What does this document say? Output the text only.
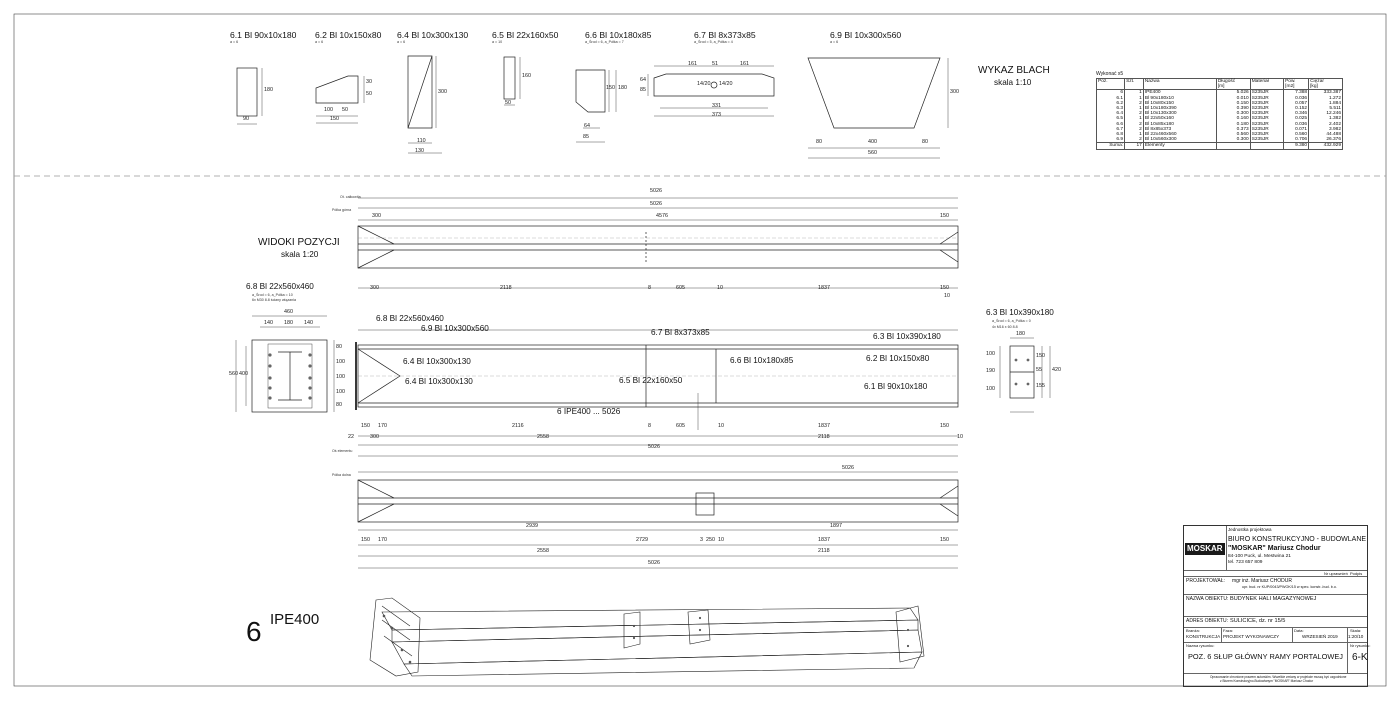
6.1 Bl 90x10x180
a = 6
180
90
6.2 Bl 10x150x80
a = 6
100 50
150
30
50
6.4 Bl 10x300x130
a = 6
300
110
130
6.5 Bl 22x160x50
a = 10
160
50
6.6 Bl 10x180x85
a_Środ = 6, a_Półka = 7
180
150
64
85
6.7 Bl 8x373x85
a_Środ = 5, a_Półka = 4
161	51	161
14/20 14/20
331
373
64
85
6.9 Bl 10x300x560
a = 6
300
80	400	80
560
WYKAZ BLACH
skala 1:10
Wykonać x5
Poz.	Szt.	Nazwa	Długość
[m]	Materiał	Pow.
[m2]	Ciężar
[kg]
6	1	IPE400	5.026	S235JR	7.388	333.387
6.1	1	Bl 90x180x10	0.010	S235JR	0.036	1.272
6.2	2	Bl 10x80x150	0.150	S235JR	0.057	1.884
6.3	1	Bl 10x180x390	0.390	S235JR	0.152	5.511
6.4	2	Bl 10x130x300	0.300	S235JR	0.346	12.246
6.5	1	Bl 22x50x160	0.160	S235JR	0.025	1.382
6.6	2	Bl 10x85x180	0.180	S235JR	0.036	2.402
6.7	2	Bl 8x85x373	0.373	S235JR	0.071	3.982
6.8	1	Bl 22x460x560	0.560	S235JR	0.560	44.488
6.9	2	Bl 10x560x300	0.300	S235JR	0.706	26.376
Suma:	17	Elementy			9.380	432.929
WIDOKI POZYCJI
skala 1:20
Ot. całkowita
Półka górna
5026
5026
300	4576	150
300	2118	8	605	10	1837	150
10
6.8 Bl 22x560x460
6.9 Bl 10x300x560	6.7 Bl 8x373x85	6.3 Bl 10x390x180
6.4 Bl 10x300x130	6.6 Bl 10x180x85	6.2 Bl 10x150x80
6.4 Bl 10x300x130	6.5 Bl 22x160x50
6.1 Bl 90x10x180
6 IPE400 ... 5026
150 170	2116	8	605	10	1837	150
22	300	2558	2118	10
5026
Oś elementu
Półka dolna
5026
2939
2729
1897
150 170	3 250 10	1837	150
2558	2118
5026
6.8 Bl 22x560x460
a_Środ = 6, a_Półka = 10
6x M30 8.8 ściany wiązania
460
140 180 140
560 400
80
100
100
100
80
6.3 Bl 10x390x180
a_Środ = 6, a_Półka = 0
4x M16 x 60 8.8
180
100
190
100
150
55
155
420
6 IPE400
Jednostka projektowa
BIURO KONSTRUKCYJNO - BUDOWLANE
"MOSKAR" Mariusz Chodur
84-100 Puck, ul. Mestwina 21
tel. 723 657 809
MOSKAR
Nr uprawnień Podpis
PROJEKTOWAŁ: mgr inż. Mariusz CHODUR
upr. bud. nr KUP/0043/PWOK/15 w spec. konstr.-bud. b.o.
NAZWA OBIEKTU: BUDYNEK HALI MAGAZYNOWEJ
ADRES OBIEKTU: SULICICE, dz. nr 15/5
Branża:
KONSTRUKCJA
Faza:
PROJEKT WYKONAWCZY
Data:
WRZESIEŃ 2019
Skala:
1:20/10
Nazwa rysunku:
POZ. 6 SŁUP GŁÓWNY RAMY PORTALOWEJ
Nr rysunku:
6-K
Opracowanie chronione prawem autorskim. Wszelkie zmiany w projekcie muszą być uzgodnione
z Biurem Konstrukcyjno-Budowlanym "MOSKAR" Mariusz Chodur
